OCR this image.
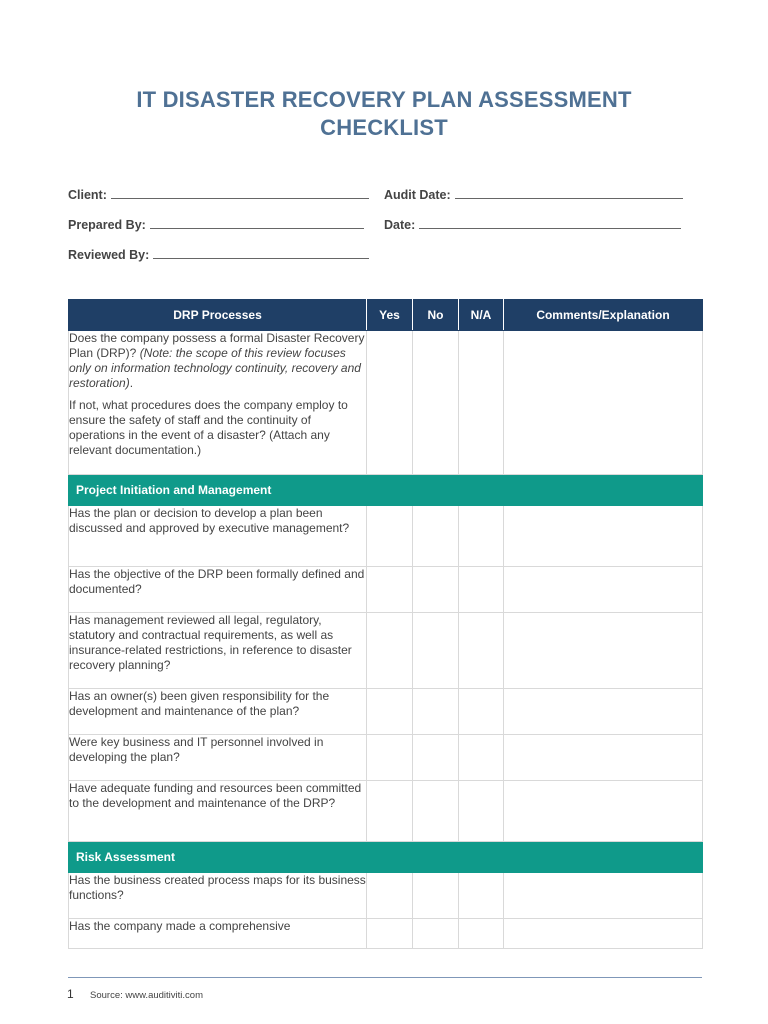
IT DISASTER RECOVERY PLAN ASSESSMENT
CHECKLIST
Client:	Audit Date:
Prepared By:	Date:
Reviewed By:
DRP Processes	Yes	No	N/A	Comments/Explanation

Does the company possess a formal Disaster Recovery Plan (DRP)? (Note: the scope of this review focuses only on information technology continuity, recovery and restoration).

If not, what procedures does the company employ to ensure the safety of staff and the continuity of operations in the event of a disaster? (Attach any relevant documentation.)				

Project Initiation and Management				
Has the plan or decision to develop a plan been discussed and approved by executive management?				
Has the objective of the DRP been formally defined and documented?				
Has management reviewed all legal, regulatory, statutory and contractual requirements, as well as insurance-related restrictions, in reference to disaster recovery planning?				
Has an owner(s) been given responsibility for the development and maintenance of the plan?				
Were key business and IT personnel involved in developing the plan?				
Have adequate funding and resources been committed to the development and maintenance of the DRP?				
Risk Assessment				
Has the business created process maps for its business functions?				
Has the company made a comprehensive				
1 Source: www.auditiviti.com
